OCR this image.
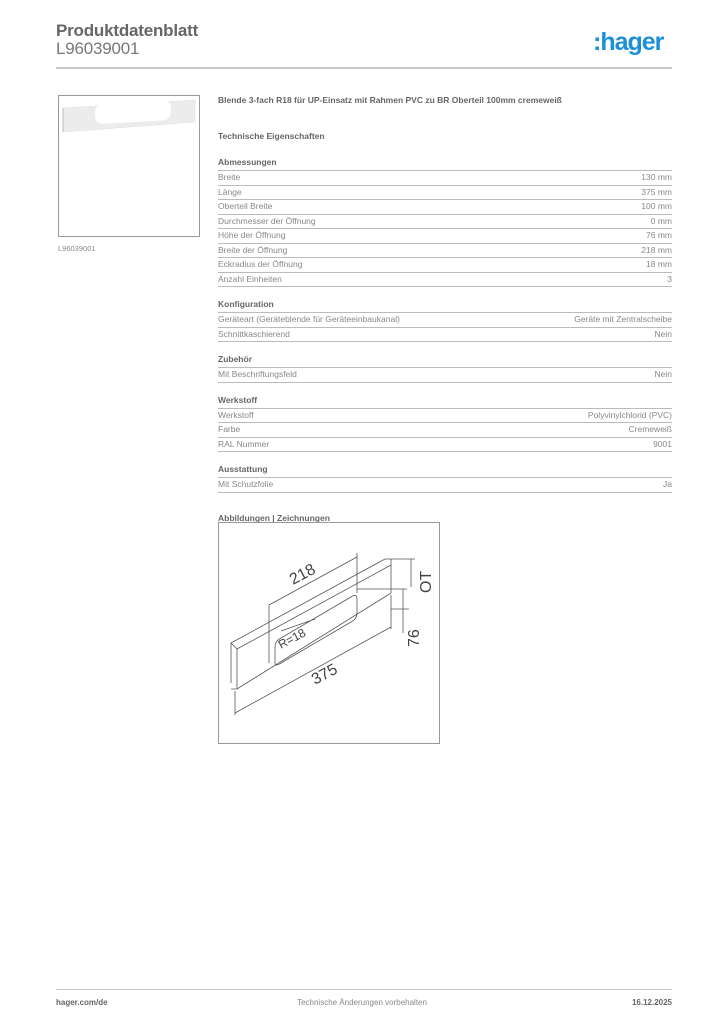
Produktdatenblatt
L96039001	:hager
L96039001
Blende 3-fach R18 für UP-Einsatz mit Rahmen PVC zu BR Oberteil 100mm cremeweiß
Technische Eigenschaften
Abmessungen
Breite	130 mm
Länge	375 mm
Oberteil Breite	100 mm
Durchmesser der Öffnung	0 mm
Höhe der Öffnung	76 mm
Breite der Öffnung	218 mm
Eckradius der Öffnung	18 mm
Anzahl Einheiten	3
Konfiguration
Geräteart (Geräteblende für Geräteeinbaukanal)	Geräte mit Zentralscheibe
Schnittkaschierend	Nein
Zubehör
Mit Beschriftungsfeld	Nein
Werkstoff
Werkstoff	Polyvinylchlorid (PVC)
Farbe	Cremeweiß
RAL Nummer	9001
Ausstattung
Mit Schutzfolie	Ja
Abbildungen | Zeichnungen
218
R=18
375
OT
76
hager.com/de	Technische Änderungen vorbehalten	16.12.2025
